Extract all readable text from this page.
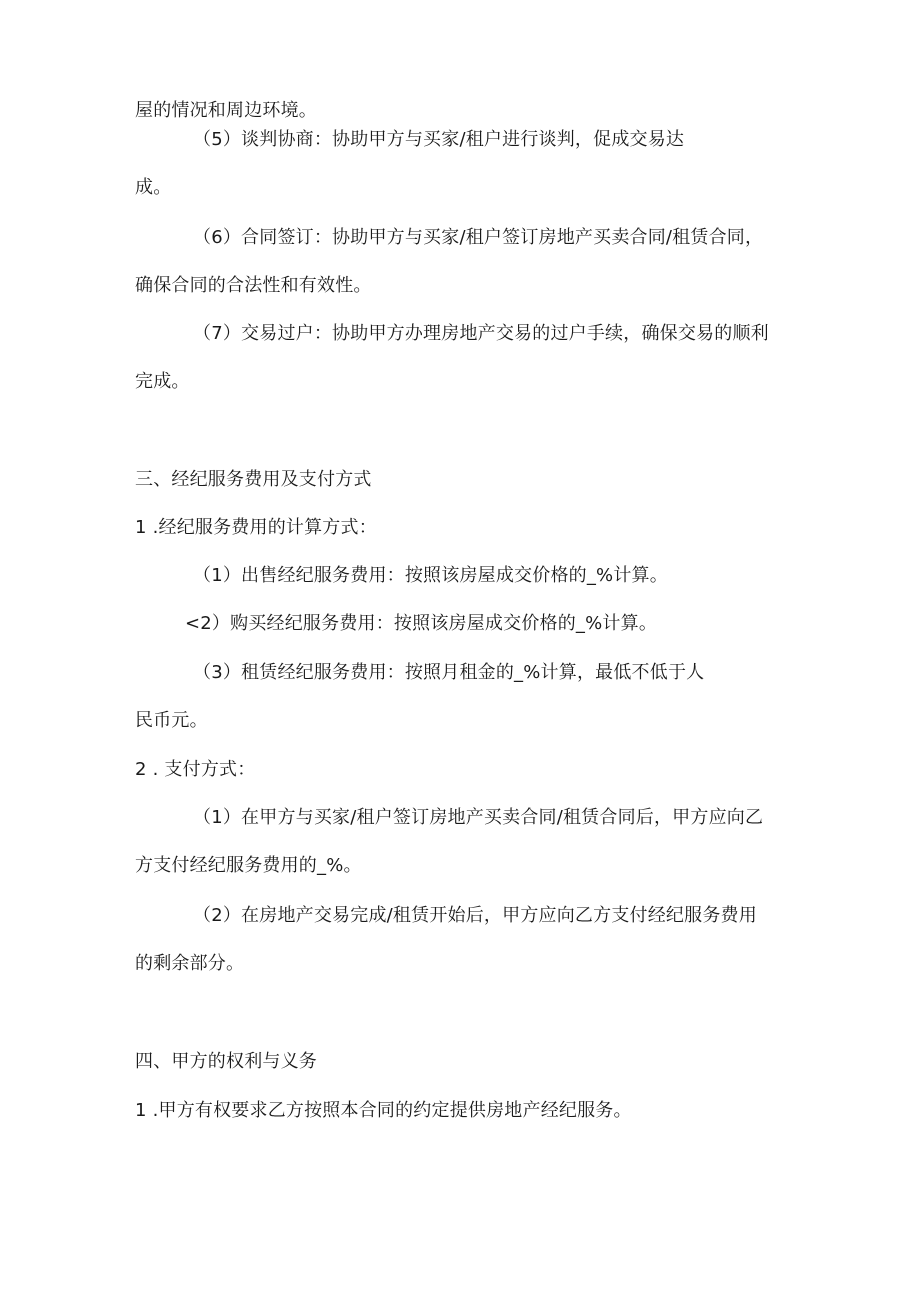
屋的情况和周边环境。
（5）谈判协商：协助甲方与买家/租户进行谈判，促成交易达
成。
（6）合同签订：协助甲方与买家/租户签订房地产买卖合同/租赁合同，
确保合同的合法性和有效性。
（7）交易过户：协助甲方办理房地产交易的过户手续，确保交易的顺利
完成。
三、经纪服务费用及支付方式
1 .经纪服务费用的计算方式：
（1）出售经纪服务费用：按照该房屋成交价格的_%计算。
<2）购买经纪服务费用：按照该房屋成交价格的_%计算。
（3）租赁经纪服务费用：按照月租金的_%计算，最低不低于人
民币元。
2 . 支付方式：
（1）在甲方与买家/租户签订房地产买卖合同/租赁合同后，甲方应向乙
方支付经纪服务费用的_%。
（2）在房地产交易完成/租赁开始后，甲方应向乙方支付经纪服务费用
的剩余部分。
四、甲方的权利与义务
1 .甲方有权要求乙方按照本合同的约定提供房地产经纪服务。
